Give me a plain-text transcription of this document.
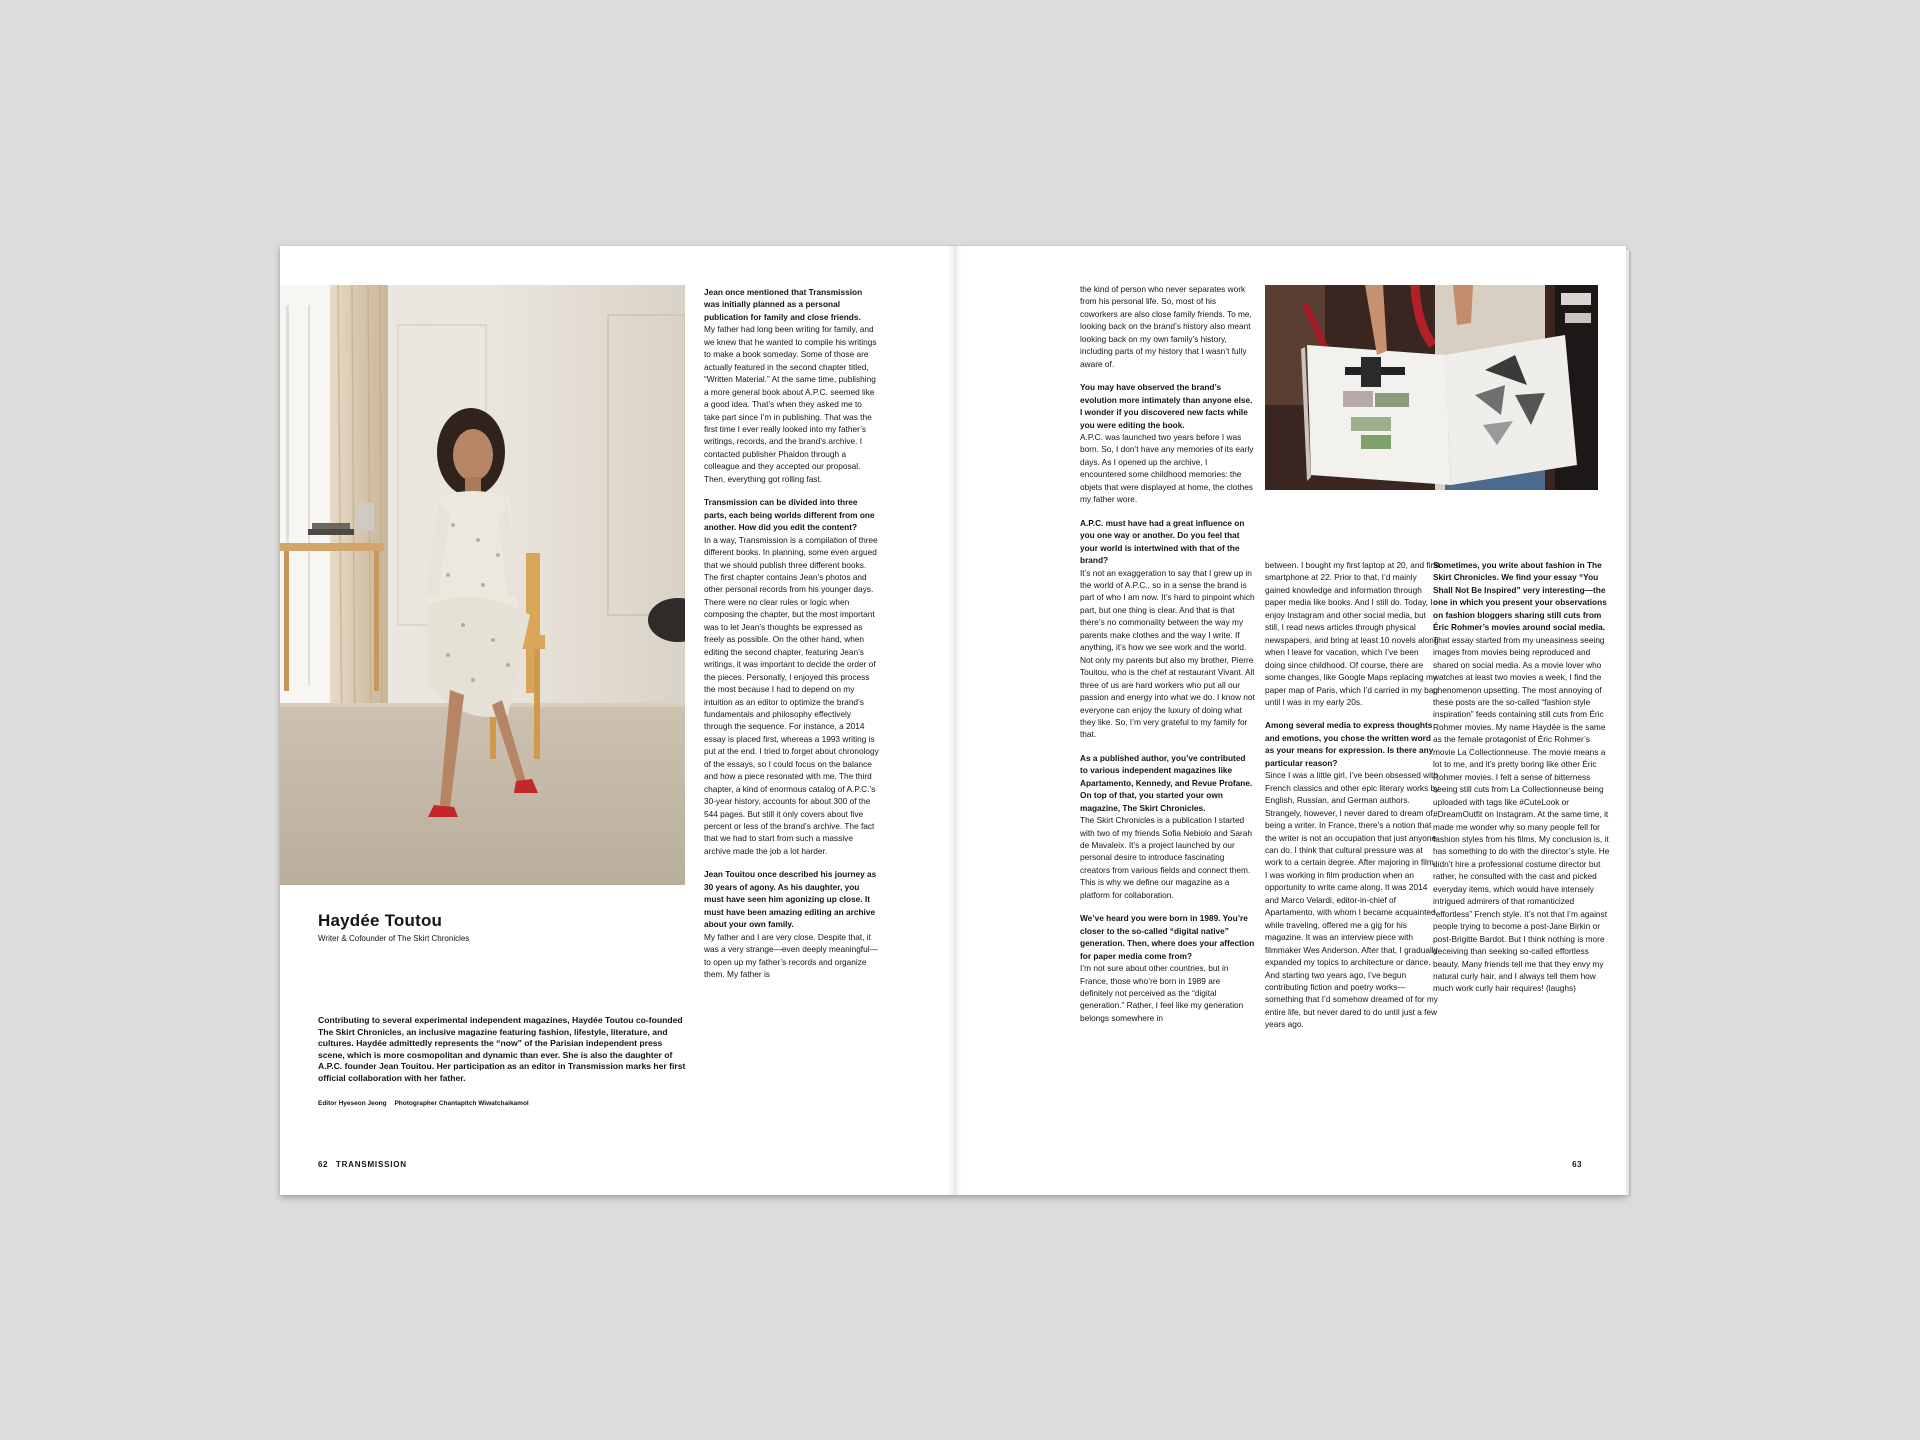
Haydée Toutou

Writer & Cofounder of The Skirt Chronicles

Contributing to several experimental independent magazines, Haydée Toutou co-founded The Skirt Chronicles, an inclusive magazine featuring fashion, lifestyle, literature, and cultures. Haydée admittedly represents the “now” of the Parisian independent press scene, which is more cosmopolitan and dynamic than ever. She is also the daughter of A.P.C. founder Jean Touitou. Her participation as an editor in Transmission marks her first official collaboration with her father.

Editor Hyeseon Jeong Photographer Chantapitch Wiwatchaikamol

Jean once mentioned that Transmission was initially planned as a personal publication for family and close friends.

My father had long been writing for family, and we knew that he wanted to compile his writings to make a book someday. Some of those are actually featured in the second chapter titled, “Written Material.” At the same time, publishing a more general book about A.P.C. seemed like a good idea. That’s when they asked me to take part since I’m in publishing. That was the first time I ever really looked into my father’s writings, records, and the brand’s archive. I contacted publisher Phaidon through a colleague and they accepted our proposal. Then, everything got rolling fast.

Transmission can be divided into three parts, each being worlds different from one another. How did you edit the content?

In a way, Transmission is a compilation of three different books. In planning, some even argued that we should publish three different books. The first chapter contains Jean’s photos and other personal records from his younger days. There were no clear rules or logic when composing the chapter, but the most important was to let Jean’s thoughts be expressed as freely as possible. On the other hand, when editing the second chapter, featuring Jean’s writings, it was important to decide the order of the pieces. Personally, I enjoyed this process the most because I had to depend on my intuition as an editor to optimize the brand’s fundamentals and philosophy effectively through the sequence. For instance, a 2014 essay is placed first, whereas a 1993 writing is put at the end. I tried to forget about chronology of the essays, so I could focus on the balance and how a piece resonated with me. The third chapter, a kind of enormous catalog of A.P.C.’s 30-year history, accounts for about 300 of the 544 pages. But still it only covers about five percent or less of the brand’s archive. The fact that we had to start from such a massive archive made the job a lot harder.

Jean Touitou once described his journey as 30 years of agony. As his daughter, you must have seen him agonizing up close. It must have been amazing editing an archive about your own family.

My father and I are very close. Despite that, it was a very strange—even deeply meaningful—to open up my father’s records and organize them. My father is

62 TRANSMISSION

the kind of person who never separates work from his personal life. So, most of his coworkers are also close family friends. To me, looking back on the brand’s history also meant looking back on my own family’s history, including parts of my history that I wasn’t fully aware of.

You may have observed the brand’s evolution more intimately than anyone else. I wonder if you discovered new facts while you were editing the book.

A.P.C. was launched two years before I was born. So, I don’t have any memories of its early days. As I opened up the archive, I encountered some childhood memories: the objets that were displayed at home, the clothes my father wore.

A.P.C. must have had a great influence on you one way or another. Do you feel that your world is intertwined with that of the brand?

It’s not an exaggeration to say that I grew up in the world of A.P.C., so in a sense the brand is part of who I am now. It’s hard to pinpoint which part, but one thing is clear. And that is that there’s no commonality between the way my parents make clothes and the way I write. If anything, it’s how we see work and the world. Not only my parents but also my brother, Pierre Touitou, who is the chef at restaurant Vivant. All three of us are hard workers who put all our passion and energy into what we do. I know not everyone can enjoy the luxury of doing what they like. So, I’m very grateful to my family for that.

As a published author, you’ve contributed to various independent magazines like Apartamento, Kennedy, and Revue Profane. On top of that, you started your own magazine, The Skirt Chronicles.

The Skirt Chronicles is a publication I started with two of my friends Sofia Nebiolo and Sarah de Mavaleix. It’s a project launched by our personal desire to introduce fascinating creators from various fields and connect them. This is why we define our magazine as a platform for collaboration.

We’ve heard you were born in 1989. You’re closer to the so-called “digital native” generation. Then, where does your affection for paper media come from?

I’m not sure about other countries, but in France, those who’re born in 1989 are definitely not perceived as the “digital generation.” Rather, I feel like my generation belongs somewhere in

between. I bought my first laptop at 20, and first smartphone at 22. Prior to that, I’d mainly gained knowledge and information through paper media like books. And I still do. Today, I enjoy Instagram and other social media, but still, I read news articles through physical newspapers, and bring at least 10 novels along when I leave for vacation, which I’ve been doing since childhood. Of course, there are some changes, like Google Maps replacing my paper map of Paris, which I’d carried in my bag until I was in my early 20s.

Among several media to express thoughts and emotions, you chose the written word as your means for expression. Is there any particular reason?

Since I was a little girl, I’ve been obsessed with French classics and other epic literary works by English, Russian, and German authors. Strangely, however, I never dared to dream of being a writer. In France, there’s a notion that the writer is not an occupation that just anyone can do. I think that cultural pressure was at work to a certain degree. After majoring in film, I was working in film production when an opportunity to write came along. It was 2014 and Marco Velardi, editor-in-chief of Apartamento, with whom I became acquainted while traveling, offered me a gig for his magazine. It was an interview piece with filmmaker Wes Anderson. After that, I gradually expanded my topics to architecture or dance. And starting two years ago, I’ve begun contributing fiction and poetry works—something that I’d somehow dreamed of for my entire life, but never dared to do until just a few years ago.

Sometimes, you write about fashion in The Skirt Chronicles. We find your essay “You Shall Not Be Inspired” very interesting—the one in which you present your observations on fashion bloggers sharing still cuts from Éric Rohmer’s movies around social media.

That essay started from my uneasiness seeing images from movies being reproduced and shared on social media. As a movie lover who watches at least two movies a week, I find the phenomenon upsetting. The most annoying of these posts are the so-called “fashion style inspiration” feeds containing still cuts from Éric Rohmer movies. My name Haydée is the same as the female protagonist of Éric Rohmer’s movie La Collectionneuse. The movie means a lot to me, and it’s pretty boring like other Éric Rohmer movies. I felt a sense of bitterness seeing still cuts from La Collectionneuse being uploaded with tags like #CuteLook or #DreamOutfit on Instagram. At the same time, it made me wonder why so many people fell for fashion styles from his films. My conclusion is, it has something to do with the director’s style. He didn’t hire a professional costume director but rather, he consulted with the cast and picked everyday items, which would have intensely intrigued admirers of that romanticized “effortless” French style. It’s not that I’m against people trying to become a post-Jane Birkin or post-Brigitte Bardot. But I think nothing is more deceiving than seeking so-called effortless beauty. Many friends tell me that they envy my natural curly hair, and I always tell them how much work curly hair requires! (laughs)

63
